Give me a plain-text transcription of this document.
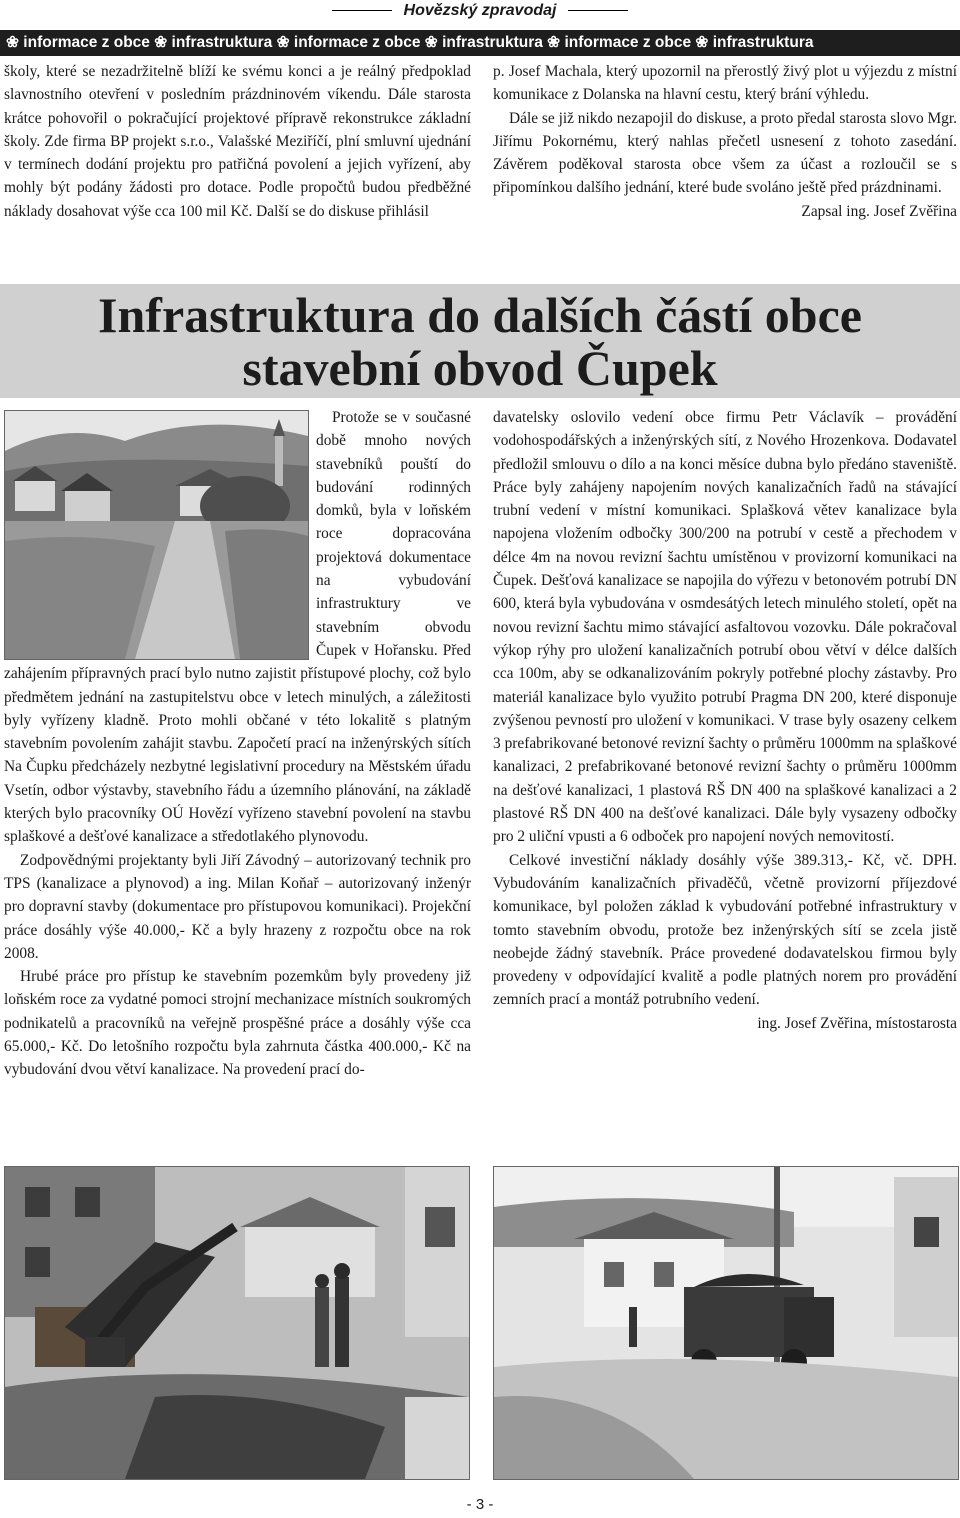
Hovězský zpravodaj
❀ informace z obce ❀ infrastruktura ❀ informace z obce ❀ infrastruktura ❀ informace z obce ❀ infrastruktura

školy, které se nezadržitelně blíží ke svému konci a je reálný předpoklad slavnostního otevření v posledním prázdninovém víkendu. Dále starosta krátce pohovořil o pokračující projektové přípravě rekonstrukce základní školy. Zde firma BP projekt s.r.o., Valašské Meziříčí, plní smluvní ujednání v termínech dodání projektu pro patřičná povolení a jejich vyřízení, aby mohly být podány žádosti pro dotace. Podle propočtů budou předběžné náklady dosahovat výše cca 100 mil Kč. Další se do diskuse přihlásil

p. Josef Machala, který upozornil na přerostlý živý plot u výjezdu z místní komunikace z Dolanska na hlavní cestu, který brání výhledu.

Dále se již nikdo nezapojil do diskuse, a proto předal starosta slovo Mgr. Jiřímu Pokornému, který nahlas přečetl usnesení z tohoto zasedání. Závěrem poděkoval starosta obce všem za účast a rozloučil se s připomínkou dalšího jednání, které bude svoláno ještě před prázdninami.

Zapsal ing. Josef Zvěřina

Infrastruktura do dalších částí obce
stavební obvod Čupek

Protože se v současné době mnoho nových stavebníků pouští do budování rodinných domků, byla v loňském roce dopracována projektová dokumentace na vybudování infrastruktury ve stavebním obvodu Čupek v Hořansku. Před zahájením přípravných prací bylo nutno zajistit přístupové plochy, což bylo předmětem jednání na zastupitelstvu obce v letech minulých, a záležitosti byly vyřízeny kladně. Proto mohli občané v této lokalitě s platným stavebním povolením zahájit stavbu. Započetí prací na inženýrských sítích Na Čupku předcházely nezbytné legislativní procedury na Městském úřadu Vsetín, odbor výstavby, stavebního řádu a územního plánování, na základě kterých bylo pracovníky OÚ Hovězí vyřízeno stavební povolení na stavbu splaškové a dešťové kanalizace a středotlakého plynovodu.

Zodpovědnými projektanty byli Jiří Závodný – autorizovaný technik pro TPS (kanalizace a plynovod) a ing. Milan Koňař – autorizovaný inženýr pro dopravní stavby (dokumentace pro přístupovou komunikaci). Projekční práce dosáhly výše 40.000,- Kč a byly hrazeny z rozpočtu obce na rok 2008.

Hrubé práce pro přístup ke stavebním pozemkům byly provedeny již loňském roce za vydatné pomoci strojní mechanizace místních soukromých podnikatelů a pracovníků na veřejně prospěšné práce a dosáhly výše cca 65.000,- Kč. Do letošního rozpočtu byla zahrnuta částka 400.000,- Kč na vybudování dvou větví kanalizace. Na provedení prací do-

davatelsky oslovilo vedení obce firmu Petr Václavík – provádění vodohospodářských a inženýrských sítí, z Nového Hrozenkova. Dodavatel předložil smlouvu o dílo a na konci měsíce dubna bylo předáno staveniště. Práce byly zahájeny napojením nových kanalizačních řadů na stávající trubní vedení v místní komunikaci. Splašková větev kanalizace byla napojena vložením odbočky 300/200 na potrubí v cestě a přechodem v délce 4m na novou revizní šachtu umístěnou v provizorní komunikaci na Čupek. Dešťová kanalizace se napojila do výřezu v betonovém potrubí DN 600, která byla vybudována v osmdesátých letech minulého století, opět na novou revizní šachtu mimo stávající asfaltovou vozovku. Dále pokračoval výkop rýhy pro uložení kanalizačních potrubí obou větví v délce dalších cca 100m, aby se odkanalizováním pokryly potřebné plochy zástavby. Pro materiál kanalizace bylo využito potrubí Pragma DN 200, které disponuje zvýšenou pevností pro uložení v komunikaci. V trase byly osazeny celkem 3 prefabrikované betonové revizní šachty o průměru 1000mm na splaškové kanalizaci, 2 prefabrikované betonové revizní šachty o průměru 1000mm na dešťové kanalizaci, 1 plastová RŠ DN 400 na splaškové kanalizaci a 2 plastové RŠ DN 400 na dešťové kanalizaci. Dále byly vysazeny odbočky pro 2 uliční vpusti a 6 odboček pro napojení nových nemovitostí.

Celkové investiční náklady dosáhly výše 389.313,- Kč, vč. DPH. Vybudováním kanalizačních přivaděčů, včetně provizorní příjezdové komunikace, byl položen základ k vybudování potřebné infrastruktury v tomto stavebním obvodu, protože bez inženýrských sítí se zcela jistě neobejde žádný stavebník. Práce provedené dodavatelskou firmou byly provedeny v odpovídající kvalitě a podle platných norem pro provádění zemních prací a montáž potrubního vedení.

ing. Josef Zvěřina, místostarosta

- 3 -
